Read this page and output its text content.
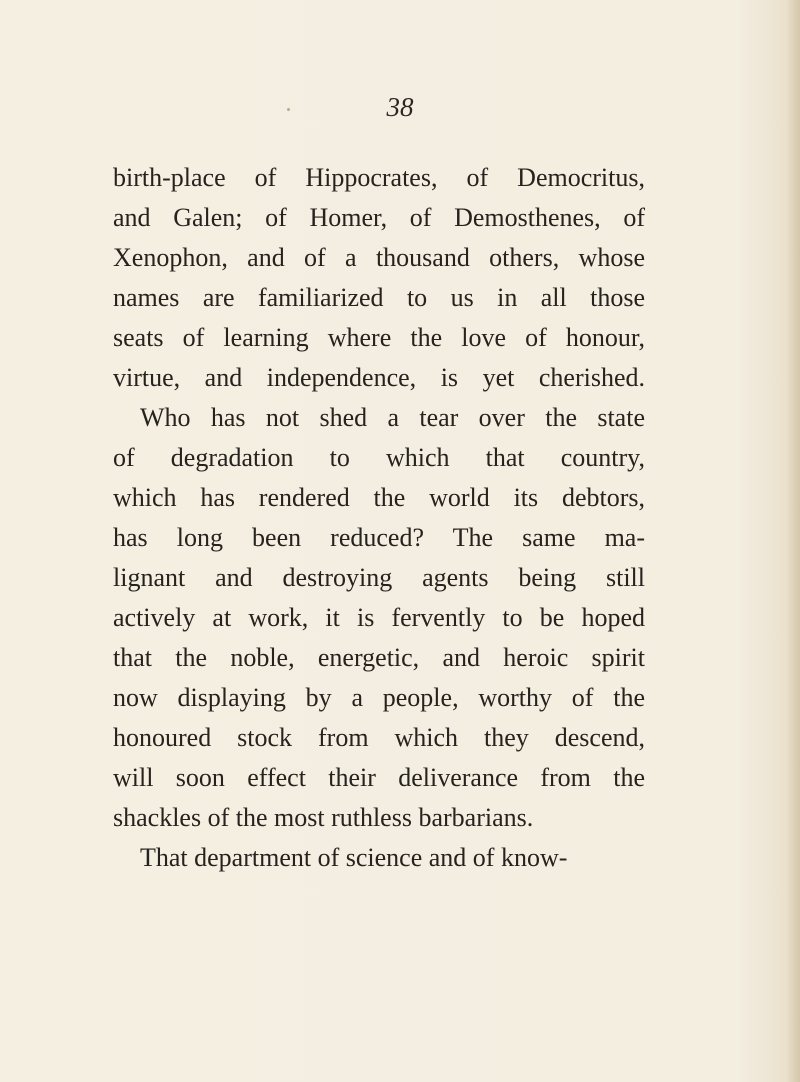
38
birth-place of Hippocrates, of Democritus,
and Galen; of Homer, of Demosthenes, of
Xenophon, and of a thousand others, whose
names are familiarized to us in all those
seats of learning where the love of honour,
virtue, and independence, is yet cherished.
Who has not shed a tear over the state
of degradation to which that country,
which has rendered the world its debtors,
has long been reduced? The same ma-
lignant and destroying agents being still
actively at work, it is fervently to be hoped
that the noble, energetic, and heroic spirit
now displaying by a people, worthy of the
honoured stock from which they descend,
will soon effect their deliverance from the
shackles of the most ruthless barbarians.
That department of science and of know-
